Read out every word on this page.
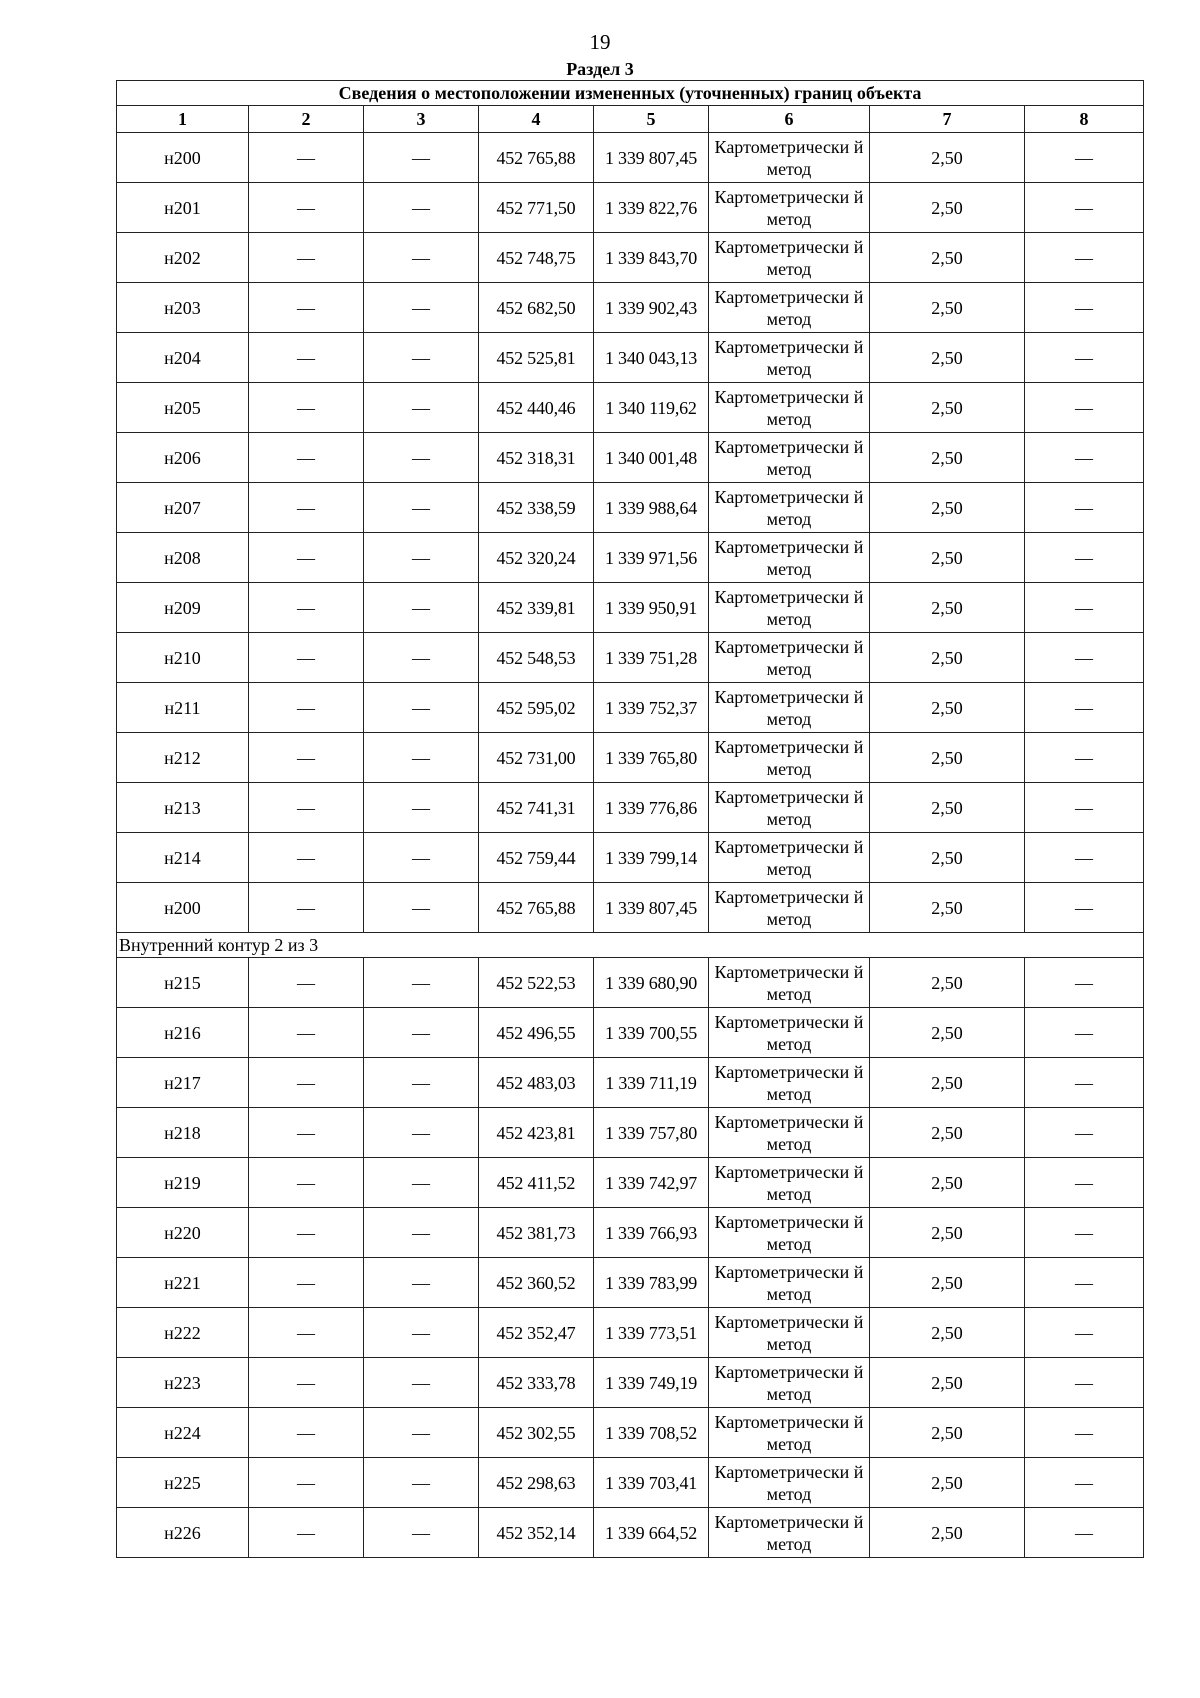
19
Раздел 3
Сведения о местоположении измененных (уточненных) границ объекта							
1	2	3	4	5	6	7	8
н200	—	—	452 765,88	1 339 807,45	Картометрически й метод	2,50	—
н201	—	—	452 771,50	1 339 822,76	Картометрически й метод	2,50	—
н202	—	—	452 748,75	1 339 843,70	Картометрически й метод	2,50	—
н203	—	—	452 682,50	1 339 902,43	Картометрически й метод	2,50	—
н204	—	—	452 525,81	1 340 043,13	Картометрически й метод	2,50	—
н205	—	—	452 440,46	1 340 119,62	Картометрически й метод	2,50	—
н206	—	—	452 318,31	1 340 001,48	Картометрически й метод	2,50	—
н207	—	—	452 338,59	1 339 988,64	Картометрически й метод	2,50	—
н208	—	—	452 320,24	1 339 971,56	Картометрически й метод	2,50	—
н209	—	—	452 339,81	1 339 950,91	Картометрически й метод	2,50	—
н210	—	—	452 548,53	1 339 751,28	Картометрически й метод	2,50	—
н211	—	—	452 595,02	1 339 752,37	Картометрически й метод	2,50	—
н212	—	—	452 731,00	1 339 765,80	Картометрически й метод	2,50	—
н213	—	—	452 741,31	1 339 776,86	Картометрически й метод	2,50	—
н214	—	—	452 759,44	1 339 799,14	Картометрически й метод	2,50	—
н200	—	—	452 765,88	1 339 807,45	Картометрически й метод	2,50	—
Внутренний контур 2 из 3							
н215	—	—	452 522,53	1 339 680,90	Картометрически й метод	2,50	—
н216	—	—	452 496,55	1 339 700,55	Картометрически й метод	2,50	—
н217	—	—	452 483,03	1 339 711,19	Картометрически й метод	2,50	—
н218	—	—	452 423,81	1 339 757,80	Картометрически й метод	2,50	—
н219	—	—	452 411,52	1 339 742,97	Картометрически й метод	2,50	—
н220	—	—	452 381,73	1 339 766,93	Картометрически й метод	2,50	—
н221	—	—	452 360,52	1 339 783,99	Картометрически й метод	2,50	—
н222	—	—	452 352,47	1 339 773,51	Картометрически й метод	2,50	—
н223	—	—	452 333,78	1 339 749,19	Картометрически й метод	2,50	—
н224	—	—	452 302,55	1 339 708,52	Картометрически й метод	2,50	—
н225	—	—	452 298,63	1 339 703,41	Картометрически й метод	2,50	—
н226	—	—	452 352,14	1 339 664,52	Картометрически й метод	2,50	—
